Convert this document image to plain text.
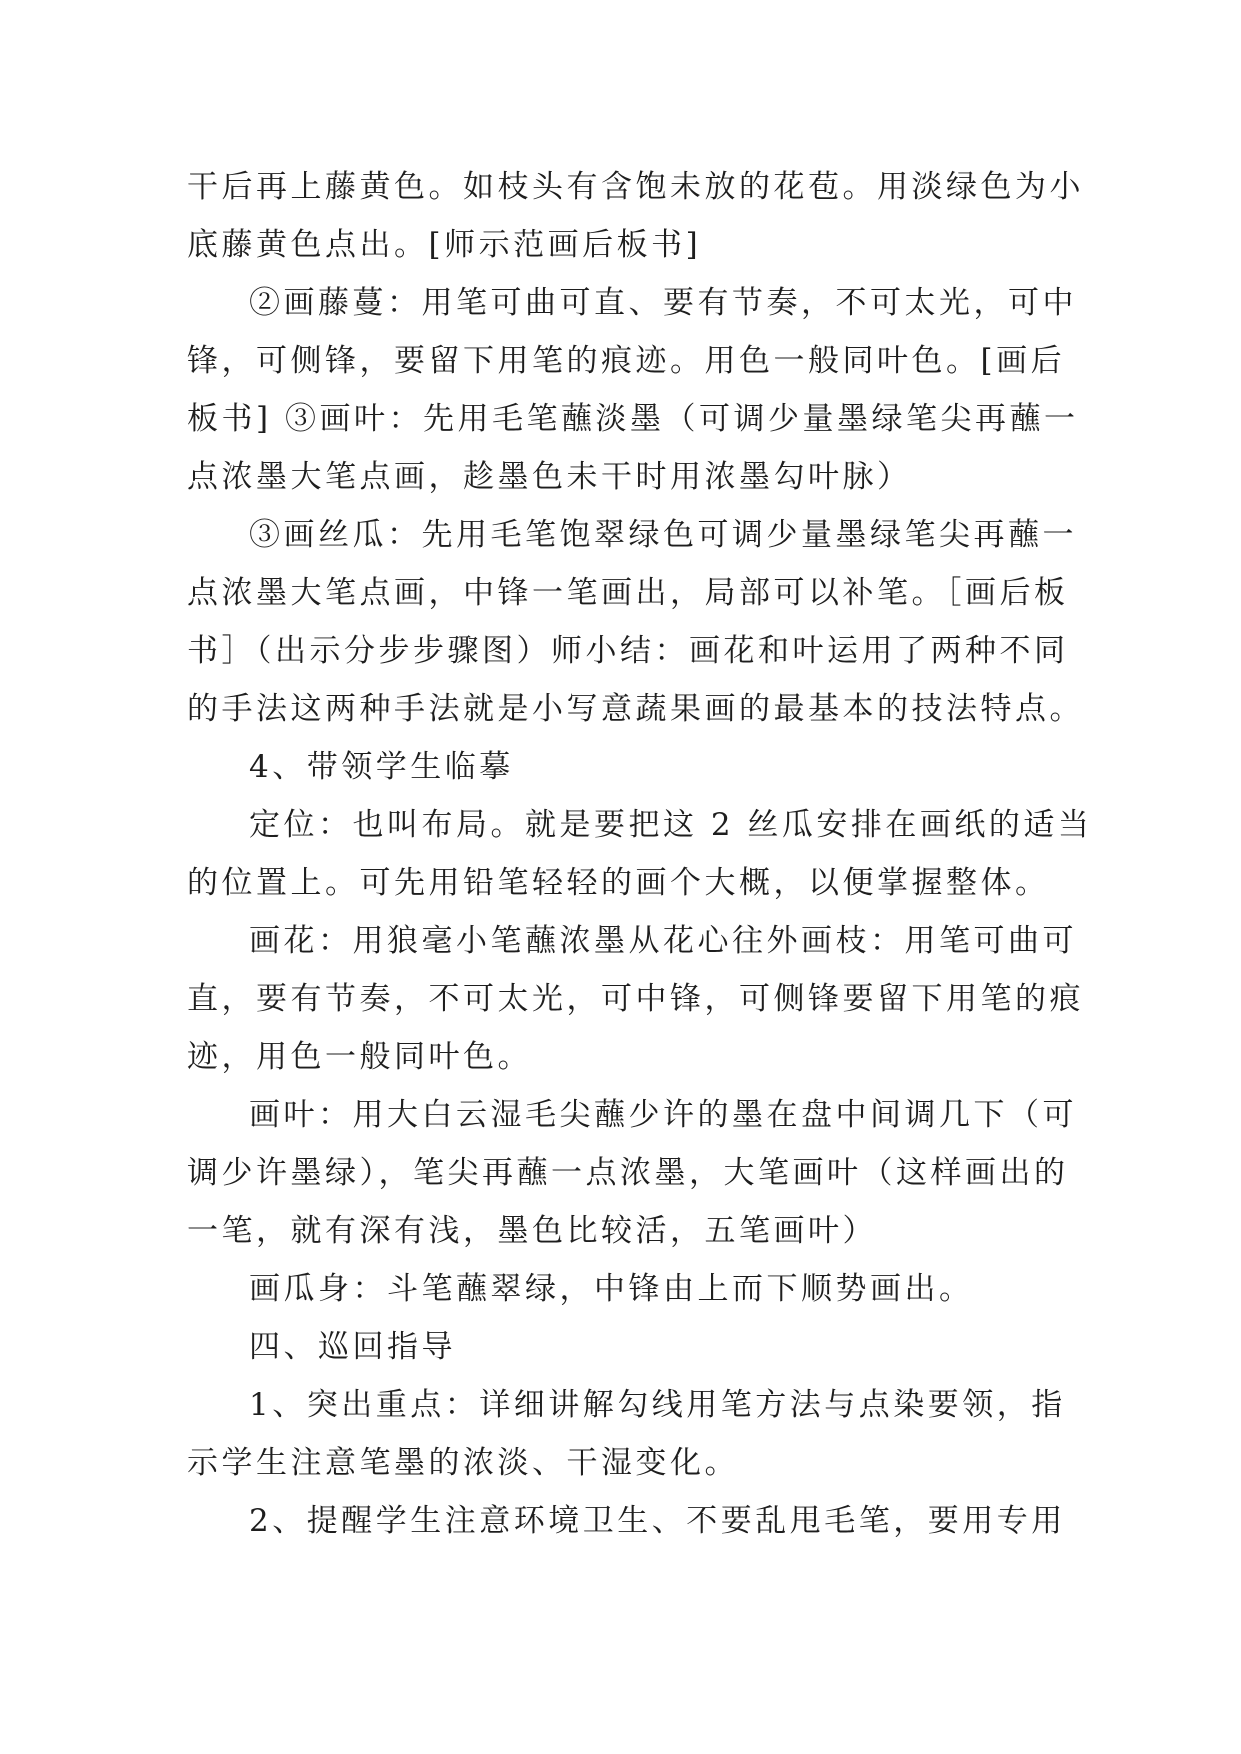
干后再上藤黄色。如枝头有含饱未放的花苞。用淡绿色为小
底藤黄色点出。[师示范画后板书]
②画藤蔓：用笔可曲可直、要有节奏，不可太光，可中
锋，可侧锋，要留下用笔的痕迹。用色一般同叶色。[画后
板书] ③画叶：先用毛笔蘸淡墨（可调少量墨绿笔尖再蘸一
点浓墨大笔点画，趁墨色未干时用浓墨勾叶脉）
③画丝瓜：先用毛笔饱翠绿色可调少量墨绿笔尖再蘸一
点浓墨大笔点画，中锋一笔画出，局部可以补笔。［画后板
书］（出示分步步骤图）师小结：画花和叶运用了两种不同
的手法这两种手法就是小写意蔬果画的最基本的技法特点。
4、带领学生临摹
定位：也叫布局。就是要把这 2 丝瓜安排在画纸的适当
的位置上。可先用铅笔轻轻的画个大概，以便掌握整体。
画花：用狼毫小笔蘸浓墨从花心往外画枝：用笔可曲可
直，要有节奏，不可太光，可中锋，可侧锋要留下用笔的痕
迹，用色一般同叶色。
画叶：用大白云湿毛尖蘸少许的墨在盘中间调几下（可
调少许墨绿），笔尖再蘸一点浓墨，大笔画叶（这样画出的
一笔，就有深有浅，墨色比较活，五笔画叶）
画瓜身：斗笔蘸翠绿，中锋由上而下顺势画出。
四、巡回指导
1、突出重点：详细讲解勾线用笔方法与点染要领，指
示学生注意笔墨的浓淡、干湿变化。
2、提醒学生注意环境卫生、不要乱甩毛笔，要用专用
